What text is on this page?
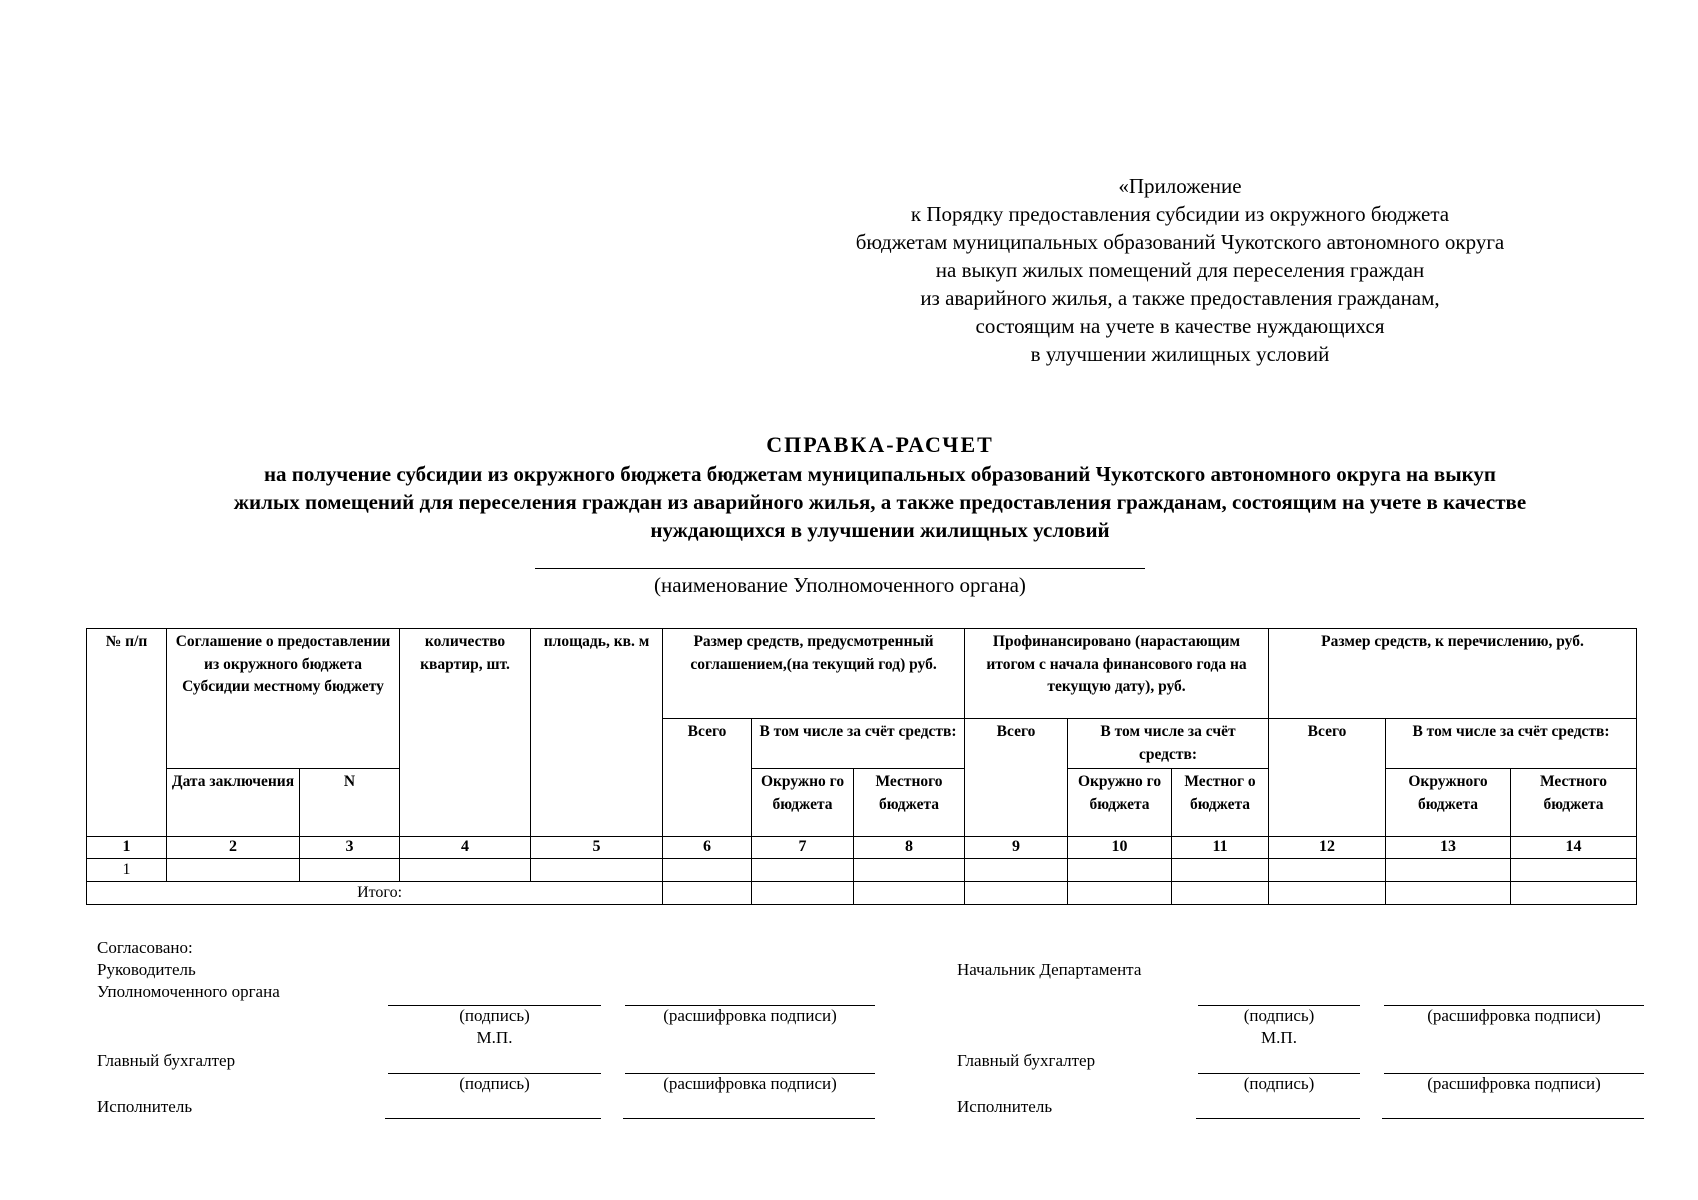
«Приложение
к Порядку предоставления субсидии из окружного бюджета
бюджетам муниципальных образований Чукотского автономного округа
на выкуп жилых помещений для переселения граждан
из аварийного жилья, а также предоставления гражданам,
состоящим на учете в качестве нуждающихся
в улучшении жилищных условий
СПРАВКА-РАСЧЕТ
на получение субсидии из окружного бюджета бюджетам муниципальных образований Чукотского автономного округа на выкуп
жилых помещений для переселения граждан из аварийного жилья, а также предоставления гражданам, состоящим на учете в качестве
нуждающихся в улучшении жилищных условий
(наименование Уполномоченного органа)
№ п/п	Соглашение о предоставлении из окружного бюджета Субсидии местному бюджету		количество квартир, шт.	площадь, кв. м	Размер средств, предусмотренный соглашением,(на текущий год) руб.			Профинансировано (нарастающим итогом с начала финансового года на текущую дату), руб.			Размер средств, к перечислению, руб.		
					Всего	В том числе за счёт средств:		Всего	В том числе за счёт средств:		Всего	В том числе за счёт средств:	
	Дата заключения	N				Окружно го бюджета	Местного бюджета		Окружно го бюджета	Местног о бюджета		Окружного бюджета	Местного бюджета
1	2	3	4	5	6	7	8	9	10	11	12	13	14
1													
Итого:													
Согласовано:
Руководитель
Уполномоченного органа
(подпись)	(расшифровка подписи)
М.П.
Главный бухгалтер
(подпись)	(расшифровка подписи)
Исполнитель
Начальник Департамента
(подпись)	(расшифровка подписи)
М.П.
Главный бухгалтер
(подпись)	(расшифровка подписи)
Исполнитель
